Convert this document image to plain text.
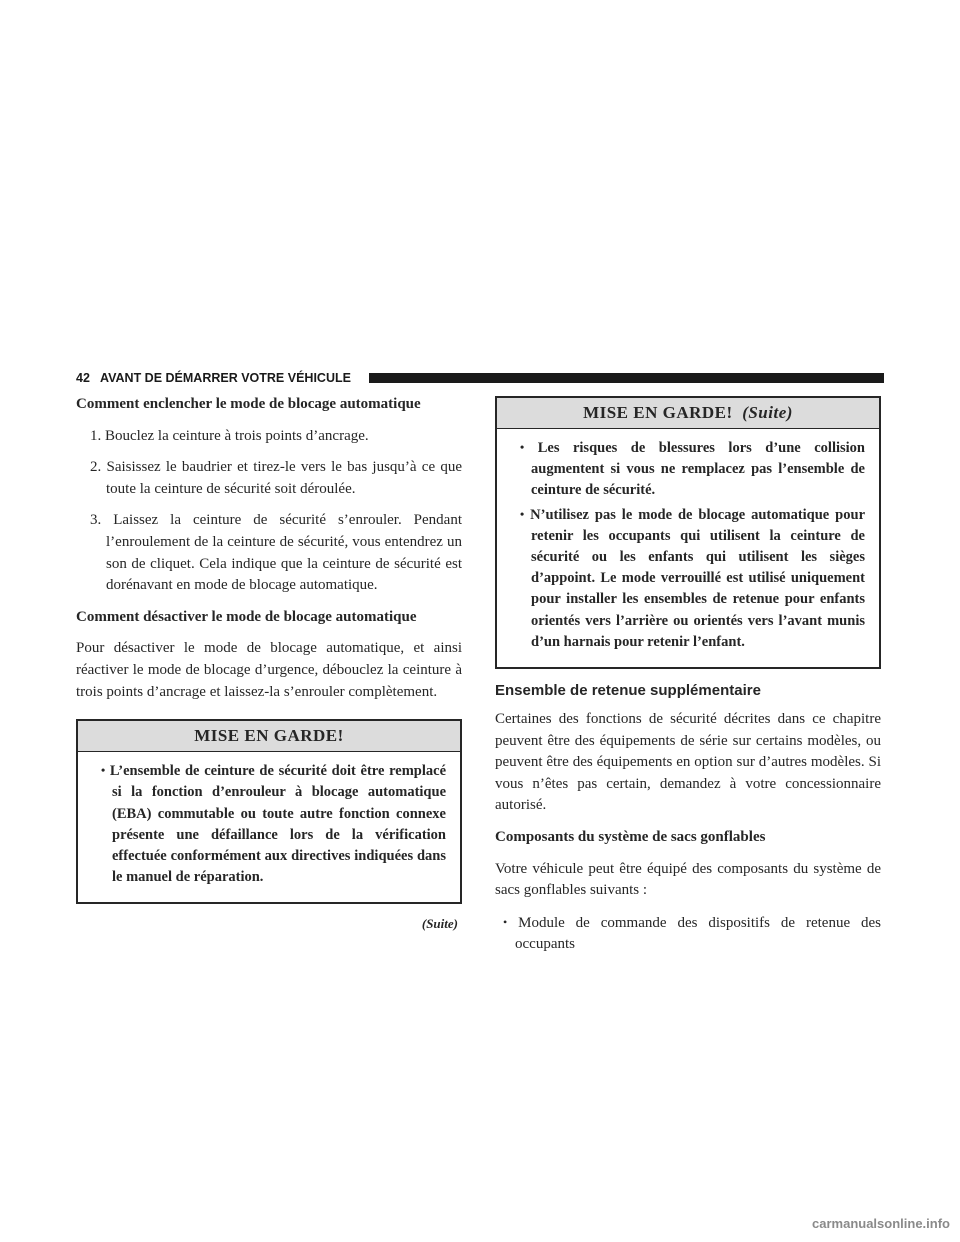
42 AVANT DE DÉMARRER VOTRE VÉHICULE
Comment enclencher le mode de blocage automatique
1. Bouclez la ceinture à trois points d’ancrage.
2. Saisissez le baudrier et tirez-le vers le bas jusqu’à ce que toute la ceinture de sécurité soit déroulée.
3. Laissez la ceinture de sécurité s’enrouler. Pendant l’enroulement de la ceinture de sécurité, vous entendrez un son de cliquet. Cela indique que la ceinture de sécurité est dorénavant en mode de blocage automatique.
Comment désactiver le mode de blocage automatique
Pour désactiver le mode de blocage automatique, et ainsi réactiver le mode de blocage d’urgence, débouclez la ceinture à trois points d’ancrage et laissez-la s’enrouler complètement.
MISE EN GARDE!
• L’ensemble de ceinture de sécurité doit être remplacé si la fonction d’enrouleur à blocage automatique (EBA) commutable ou toute autre fonction connexe présente une défaillance lors de la vérification effectuée conformément aux directives indiquées dans le manuel de réparation.
(Suite)
MISE EN GARDE! (Suite)
• Les risques de blessures lors d’une collision augmentent si vous ne remplacez pas l’ensemble de ceinture de sécurité.
• N’utilisez pas le mode de blocage automatique pour retenir les occupants qui utilisent la ceinture de sécurité ou les enfants qui utilisent les sièges d’appoint. Le mode verrouillé est utilisé uniquement pour installer les ensembles de retenue pour enfants orientés vers l’arrière ou orientés vers l’avant munis d’un harnais pour retenir l’enfant.
Ensemble de retenue supplémentaire
Certaines des fonctions de sécurité décrites dans ce chapitre peuvent être des équipements de série sur certains modèles, ou peuvent être des équipements en option sur d’autres modèles. Si vous n’êtes pas certain, demandez à votre concessionnaire autorisé.
Composants du système de sacs gonflables
Votre véhicule peut être équipé des composants du système de sacs gonflables suivants :
• Module de commande des dispositifs de retenue des occupants
carmanualsonline.info
